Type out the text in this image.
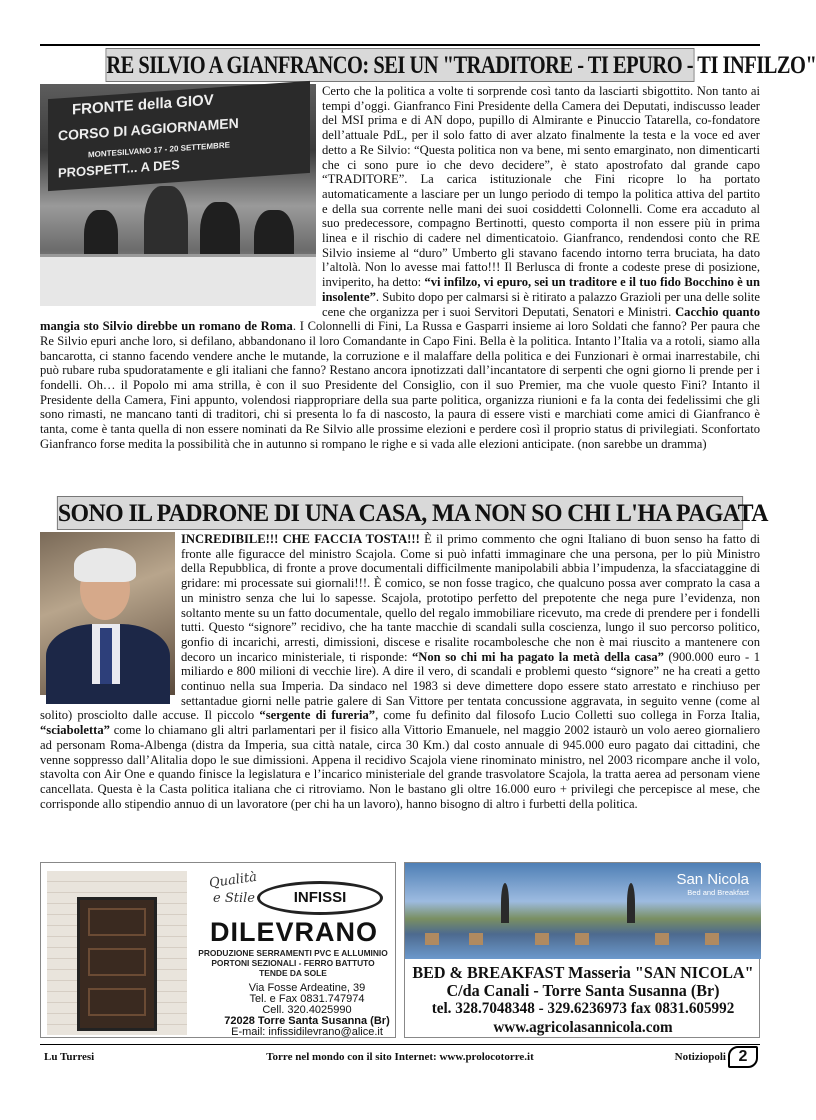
RE SILVIO A GIANFRANCO: SEI UN "TRADITORE - TI EPURO - TI INFILZO"
FRONTE della GIOV
CORSO DI AGGIORNAMEN
MONTESILVANO 17 - 20 SETTEMBRE
PROSPETT... A DES
Certo che la politica a volte ti sorprende così tanto da lasciarti sbigottito. Non tanto ai tempi d’oggi. Gianfranco Fini Presidente della Camera dei Deputati, indiscusso leader del MSI prima e di AN dopo, pupillo di Almirante e Pinuccio Tatarella, co-fondatore dell’attuale PdL, per il solo fatto di aver alzato finalmente la testa e la voce ed aver detto a Re Silvio: “Questa politica non va bene, mi sento emarginato, non dimenticarti che ci sono pure io che devo decidere”, è stato apostrofato dal grande capo “TRADITORE”. La carica istituzionale che Fini ricopre lo ha portato automaticamente a lasciare per un lungo periodo di tempo la politica attiva del partito e della sua corrente nelle mani dei suoi cosiddetti Colonnelli. Come era accaduto al suo predecessore, compagno Bertinotti, questo comporta il non essere più in prima linea e il rischio di cadere nel dimenticatoio. Gianfranco, rendendosi conto che RE Silvio insieme al “duro” Umberto gli stavano facendo intorno terra bruciata, ha dato l’altolà. Non lo avesse mai fatto!!! Il Berlusca di fronte a codeste prese di posizione, inviperito, ha detto: “vi infilzo, vi epuro, sei un traditore e il tuo fido Bocchino è un insolente”. Subito dopo per calmarsi si è ritirato a palazzo Grazioli per una delle solite cene che organizza per i suoi Servitori Deputati, Senatori e Ministri. Cacchio quanto mangia sto Silvio direbbe un romano de Roma. I Colonnelli di Fini, La Russa e Gasparri insieme ai loro Soldati che fanno? Per paura che Re Silvio epuri anche loro, si defilano, abbandonano il loro Comandante in Capo Fini. Bella è la politica. Intanto l’Italia va a rotoli, siamo alla bancarotta, ci stanno facendo vendere anche le mutande, la corruzione e il malaffare della politica e dei Funzionari è ormai inarrestabile, chi può rubare ruba spudoratamente e gli italiani che fanno? Restano ancora ipnotizzati dall’incantatore di serpenti che ogni giorno li prende per i fondelli. Oh… il Popolo mi ama strilla, è con il suo Presidente del Consiglio, con il suo Premier, ma che vuole questo Fini? Intanto il Presidente della Camera, Fini appunto, volendosi riappropriare della sua parte politica, organizza riunioni e fa la conta dei fedelissimi che gli sono rimasti, ne mancano tanti di traditori, chi si presenta lo fa di nascosto, la paura di essere visti e marchiati come amici di Gianfranco è tanta, come è tanta quella di non essere nominati da Re Silvio alle prossime elezioni e perdere così il proprio status di privilegiati. Sconfortato Gianfranco forse medita la possibilità che in autunno si rompano le righe e si vada alle elezioni anticipate. (non sarebbe un dramma)
SONO IL PADRONE DI UNA CASA, MA NON SO CHI L'HA PAGATA
INCREDIBILE!!! CHE FACCIA TOSTA!!! È il primo commento che ogni Italiano di buon senso ha fatto di fronte alle figuracce del ministro Scajola. Come si può infatti immaginare che una persona, per lo più Ministro della Repubblica, di fronte a prove documentali difficilmente manipolabili abbia l’impudenza, la sfacciataggine di gridare: mi processate sui giornali!!!. È comico, se non fosse tragico, che qualcuno possa aver comprato la casa a un ministro senza che lui lo sapesse. Scajola, prototipo perfetto del prepotente che nega pure l’evidenza, non soltanto mente su un fatto documentale, quello del regalo immobiliare ricevuto, ma crede di prendere per i fondelli tutti. Questo “signore” recidivo, che ha tante macchie di scandali sulla coscienza, lungo il suo percorso politico, gonfio di incarichi, arresti, dimissioni, discese e risalite rocambolesche che non è mai riuscito a mantenere con decoro un incarico ministeriale, ti risponde: “Non so chi mi ha pagato la metà della casa” (900.000 euro - 1 miliardo e 800 milioni di vecchie lire). A dire il vero, di scandali e problemi questo “signore” ne ha creati a getto continuo nella sua Imperia. Da sindaco nel 1983 si deve dimettere dopo essere stato arrestato e rinchiuso per settantadue giorni nelle patrie galere di San Vittore per tentata concussione aggravata, in seguito venne (come al solito) prosciolto dalle accuse. Il piccolo “sergente di fureria”, come fu definito dal filosofo Lucio Colletti suo collega in Forza Italia, “sciaboletta” come lo chiamano gli altri parlamentari per il fisico alla Vittorio Emanuele, nel maggio 2002 istaurò un volo aereo giornaliero ad personam Roma-Albenga (distra da Imperia, sua città natale, circa 30 Km.) dal costo annuale di 945.000 euro pagato dai cittadini, che venne soppresso dall’Alitalia dopo le sue dimissioni. Appena il recidivo Scajola viene rinominato ministro, nel 2003 ricompare anche il volo, stavolta con Air One e quando finisce la legislatura e l’incarico ministeriale del grande trasvolatore Scajola, la tratta aerea ad personam viene cancellata. Questa è la Casta politica italiana che ci ritroviamo. Non le bastano gli oltre 16.000 euro + privilegi che percepisce al mese, che corrisponde allo stipendio annuo di un lavoratore (per chi ha un lavoro), hanno bisogno di altro i furbetti della politica.
Qualità
e Stile	INFISSI
DILEVRANO
PRODUZIONE SERRAMENTI PVC E ALLUMINIO
PORTONI SEZIONALI - FERRO BATTUTO
TENDE DA SOLE
Via Fosse Ardeatine, 39
Tel. e Fax 0831.747974
Cell. 320.4025990
72028 Torre Santa Susanna (Br)
E-mail: infissidilevrano@alice.it
San Nicola
Bed and Breakfast
BED & BREAKFAST Masseria "SAN NICOLA"
C/da Canali - Torre Santa Susanna (Br)
tel. 328.7048348 - 329.6236973 fax 0831.605992
www.agricolasannicola.com
Lu Turresi	Torre nel mondo con il sito Internet: www.prolocotorre.it	Notiziopoli 2
